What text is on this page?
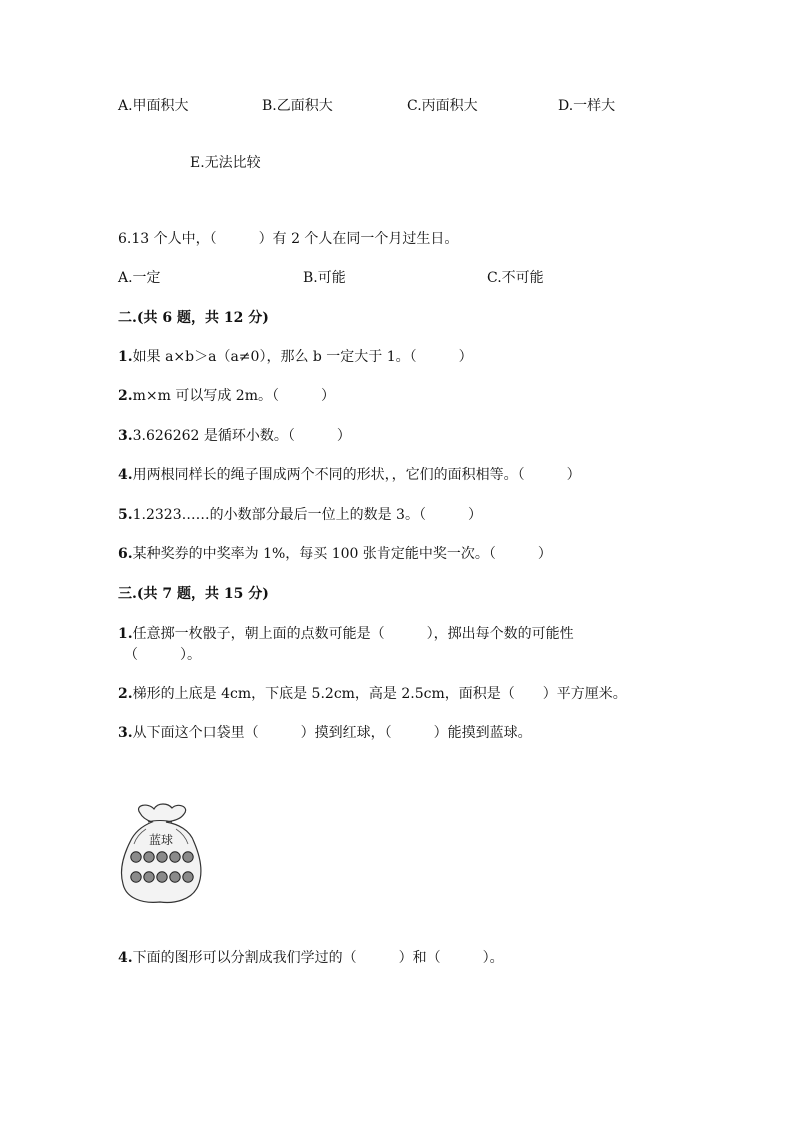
A.甲面积大	B.乙面积大	C.丙面积大	D.一样大
E.无法比较
6.13 个人中，（　　　）有 2 个人在同一个月过生日。
A.一定	B.可能	C.不可能
二.(共 6 题，共 12 分)
1.如果 a×b＞a（a≠0），那么 b 一定大于 1。（　　　）
2.m×m 可以写成 2m。（　　　）
3.3.626262 是循环小数。（　　　）
4.用两根同样长的绳子围成两个不同的形状，，它们的面积相等。（　　　）
5.1.2323……的小数部分最后一位上的数是 3。（　　　）
6.某种奖券的中奖率为 1%，每买 100 张肯定能中奖一次。（　　　）
三.(共 7 题，共 15 分)
1.任意掷一枚骰子，朝上面的点数可能是（　　　），掷出每个数的可能性
（　　　）。
2.梯形的上底是 4cm，下底是 5.2cm，高是 2.5cm，面积是（　　）平方厘米。
3.从下面这个口袋里（　　　）摸到红球，（　　　）能摸到蓝球。
蓝球
4.下面的图形可以分割成我们学过的（　　　）和（　　　）。
